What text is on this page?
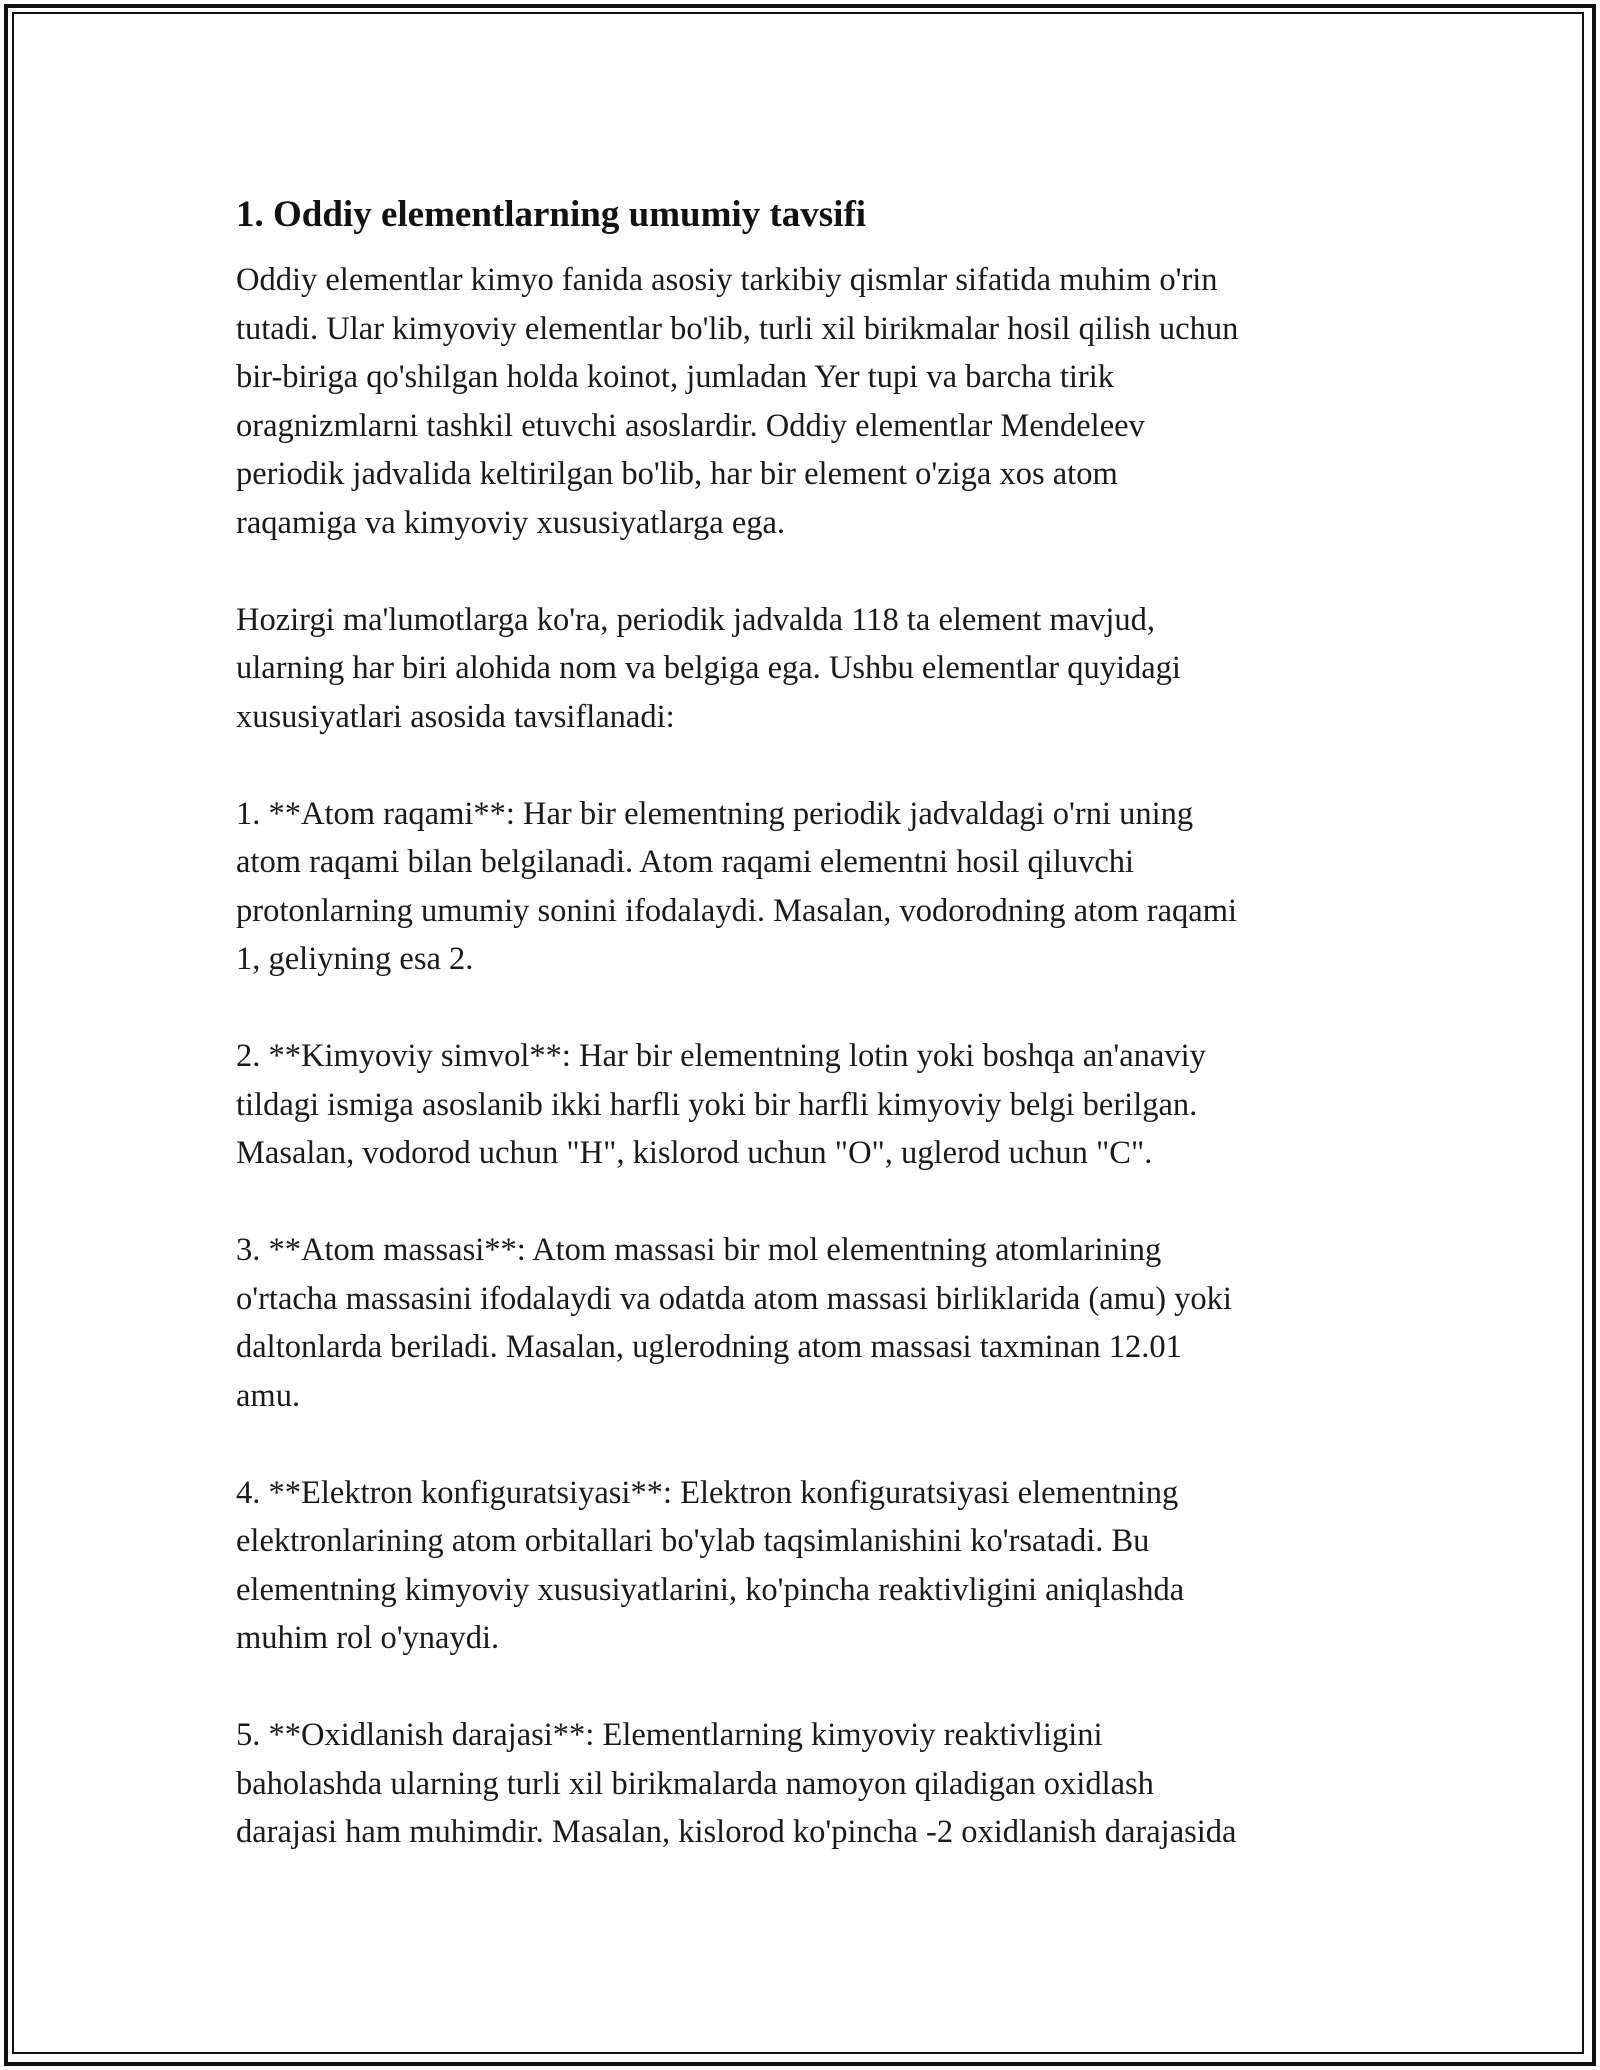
1. Oddiy elementlarning umumiy tavsifi

Oddiy elementlar kimyo fanida asosiy tarkibiy qismlar sifatida muhim o'rin
tutadi. Ular kimyoviy elementlar bo'lib, turli xil birikmalar hosil qilish uchun
bir-biriga qo'shilgan holda koinot, jumladan Yer tupi va barcha tirik
oragnizmlarni tashkil etuvchi asoslardir. Oddiy elementlar Mendeleev
periodik jadvalida keltirilgan bo'lib, har bir element o'ziga xos atom
raqamiga va kimyoviy xususiyatlarga ega.

Hozirgi ma'lumotlarga ko'ra, periodik jadvalda 118 ta element mavjud,
ularning har biri alohida nom va belgiga ega. Ushbu elementlar quyidagi
xususiyatlari asosida tavsiflanadi:

1. **Atom raqami**: Har bir elementning periodik jadvaldagi o'rni uning
atom raqami bilan belgilanadi. Atom raqami elementni hosil qiluvchi
protonlarning umumiy sonini ifodalaydi. Masalan, vodorodning atom raqami
1, geliyning esa 2.

2. **Kimyoviy simvol**: Har bir elementning lotin yoki boshqa an'anaviy
tildagi ismiga asoslanib ikki harfli yoki bir harfli kimyoviy belgi berilgan.
Masalan, vodorod uchun "H", kislorod uchun "O", uglerod uchun "C".

3. **Atom massasi**: Atom massasi bir mol elementning atomlarining
o'rtacha massasini ifodalaydi va odatda atom massasi birliklarida (amu) yoki
daltonlarda beriladi. Masalan, uglerodning atom massasi taxminan 12.01
amu.

4. **Elektron konfiguratsiyasi**: Elektron konfiguratsiyasi elementning
elektronlarining atom orbitallari bo'ylab taqsimlanishini ko'rsatadi. Bu
elementning kimyoviy xususiyatlarini, ko'pincha reaktivligini aniqlashda
muhim rol o'ynaydi.

5. **Oxidlanish darajasi**: Elementlarning kimyoviy reaktivligini
baholashda ularning turli xil birikmalarda namoyon qiladigan oxidlash
darajasi ham muhimdir. Masalan, kislorod ko'pincha -2 oxidlanish darajasida
